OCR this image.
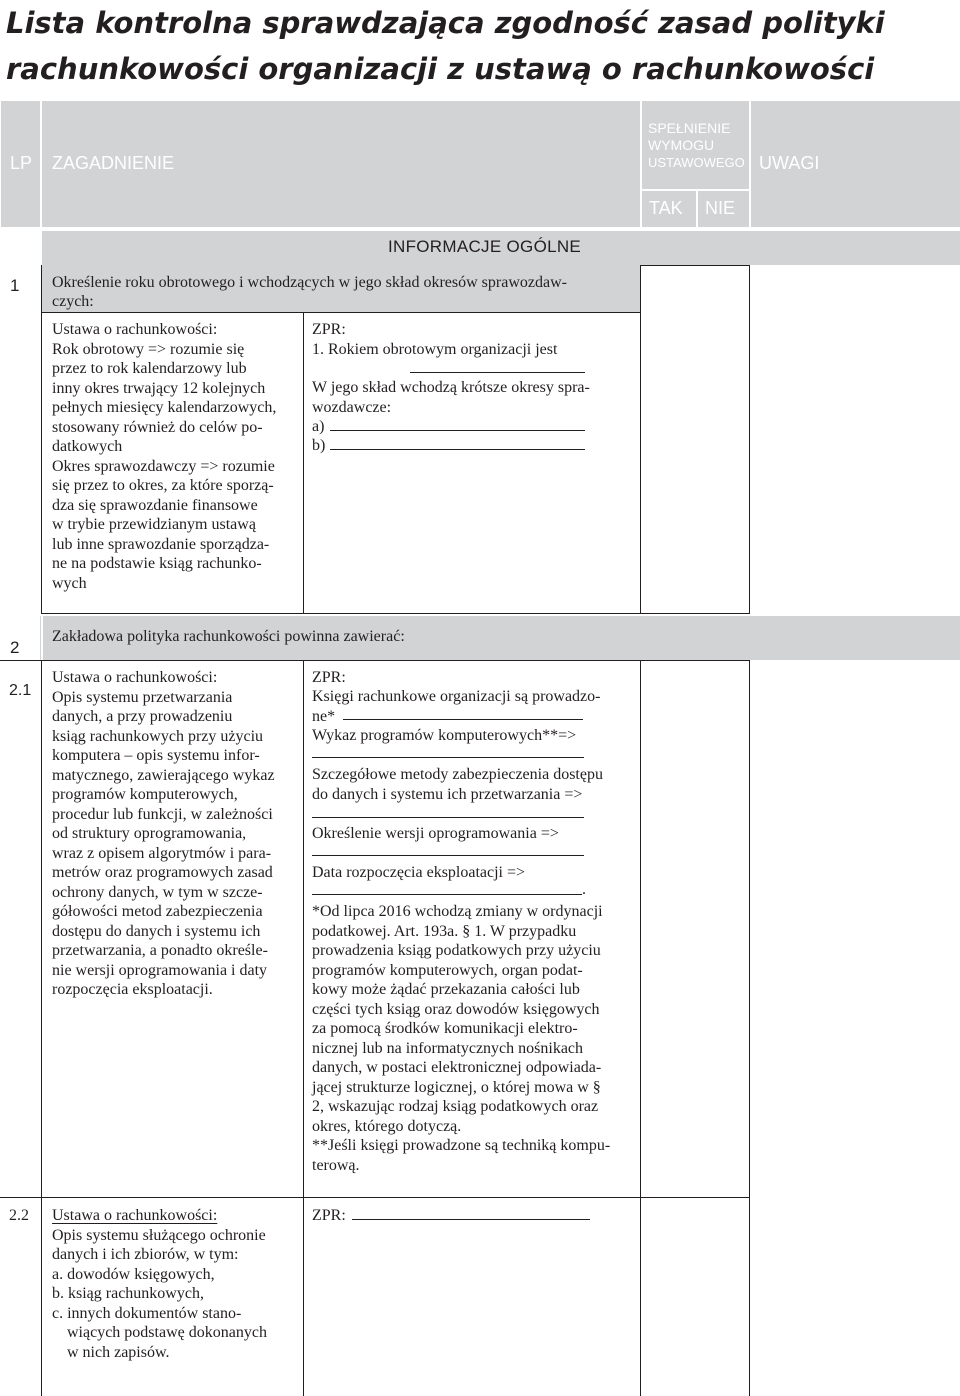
Lista kontrolna sprawdzająca zgodność zasad polityki
rachunkowości organizacji z ustawą o rachunkowości
LP ZAGADNIENIE
SPEŁNIENIE
WYMOGU
USTAWOWEGO
TAK NIE
UWAGI
INFORMACJE OGÓLNE
1 Określenie roku obrotowego i wchodzących w jego skład okresów sprawozdaw-
czych:
Ustawa o rachunkowości:
Rok obrotowy => rozumie się
przez to rok kalendarzowy lub
inny okres trwający 12 kolejnych
pełnych miesięcy kalendarzowych,
stosowany również do celów po-
datkowych
Okres sprawozdawczy => rozumie
się przez to okres, za które sporzą-
dza się sprawozdanie finansowe
w trybie przewidzianym ustawą
lub inne sprawozdanie sporządza-
ne na podstawie ksiąg rachunko-
wych
ZPR:
1. Rokiem obrotowym organizacji jest
W jego skład wchodzą krótsze okresy spra-
wozdawcze:
a)
b)
2
Zakładowa polityka rachunkowości powinna zawierać:
2.1
Ustawa o rachunkowości:
Opis systemu przetwarzania
danych, a przy prowadzeniu
ksiąg rachunkowych przy użyciu
komputera – opis systemu infor-
matycznego, zawierającego wykaz
programów komputerowych,
procedur lub funkcji, w zależności
od struktury oprogramowania,
wraz z opisem algorytmów i para-
metrów oraz programowych zasad
ochrony danych, w tym w szcze-
gółowości metod zabezpieczenia
dostępu do danych i systemu ich
przetwarzania, a ponadto określe-
nie wersji oprogramowania i daty
rozpoczęcia eksploatacji.
ZPR:
Księgi rachunkowe organizacji są prowadzo-
ne*
Wykaz programów komputerowych**=>
Szczegółowe metody zabezpieczenia dostępu
do danych i systemu ich przetwarzania =>
Określenie wersji oprogramowania =>
Data rozpoczęcia eksploatacji =>
.
*Od lipca 2016 wchodzą zmiany w ordynacji
podatkowej. Art. 193a. § 1. W przypadku
prowadzenia ksiąg podatkowych przy użyciu
programów komputerowych, organ podat-
kowy może żądać przekazania całości lub
części tych ksiąg oraz dowodów księgowych
za pomocą środków komunikacji elektro-
nicznej lub na informatycznych nośnikach
danych, w postaci elektronicznej odpowiada-
jącej strukturze logicznej, o której mowa w §
2, wskazując rodzaj ksiąg podatkowych oraz
okres, którego dotyczą.
**Jeśli księgi prowadzone są techniką kompu-
terową.
2.2 Ustawa o rachunkowości:
Opis systemu służącego ochronie
danych i ich zbiorów, w tym:
a. dowodów księgowych,
b. ksiąg rachunkowych,
c. innych dokumentów stano-
wiących podstawę dokonanych
w nich zapisów.
ZPR:
